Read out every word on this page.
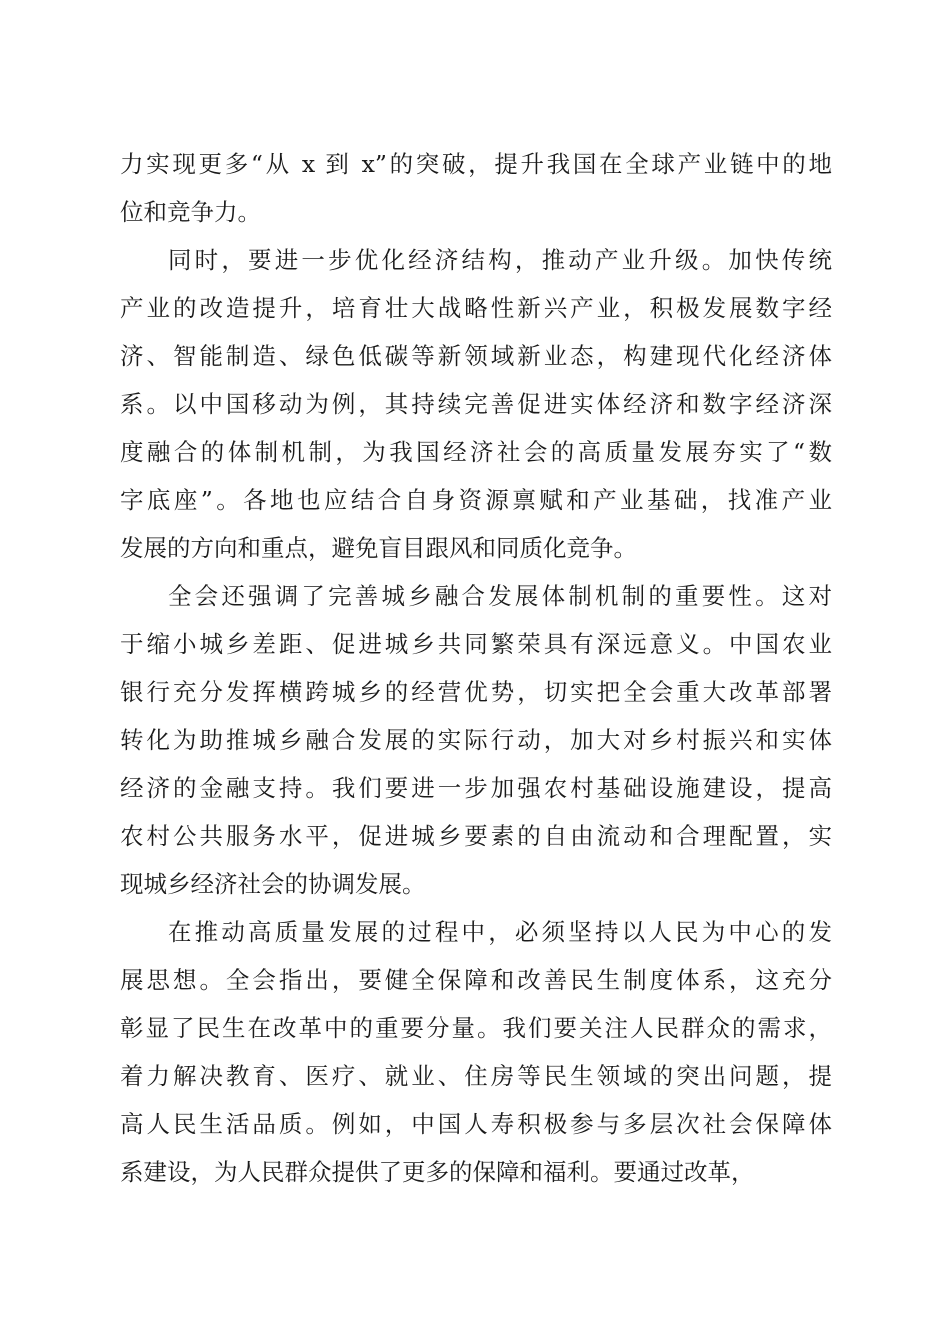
力实现更多“从 x 到 x”的突破，提升我国在全球产业链中的地
位和竞争力。
同时，要进一步优化经济结构，推动产业升级。加快传统
产业的改造提升，培育壮大战略性新兴产业，积极发展数字经
济、智能制造、绿色低碳等新领域新业态，构建现代化经济体
系。以中国移动为例，其持续完善促进实体经济和数字经济深
度融合的体制机制，为我国经济社会的高质量发展夯实了“数
字底座”。各地也应结合自身资源禀赋和产业基础，找准产业
发展的方向和重点，避免盲目跟风和同质化竞争。
全会还强调了完善城乡融合发展体制机制的重要性。这对
于缩小城乡差距、促进城乡共同繁荣具有深远意义。中国农业
银行充分发挥横跨城乡的经营优势，切实把全会重大改革部署
转化为助推城乡融合发展的实际行动，加大对乡村振兴和实体
经济的金融支持。我们要进一步加强农村基础设施建设，提高
农村公共服务水平，促进城乡要素的自由流动和合理配置，实
现城乡经济社会的协调发展。
在推动高质量发展的过程中，必须坚持以人民为中心的发
展思想。全会指出，要健全保障和改善民生制度体系，这充分
彰显了民生在改革中的重要分量。我们要关注人民群众的需求，
着力解决教育、医疗、就业、住房等民生领域的突出问题，提
高人民生活品质。例如，中国人寿积极参与多层次社会保障体
系建设，为人民群众提供了更多的保障和福利。要通过改革，
